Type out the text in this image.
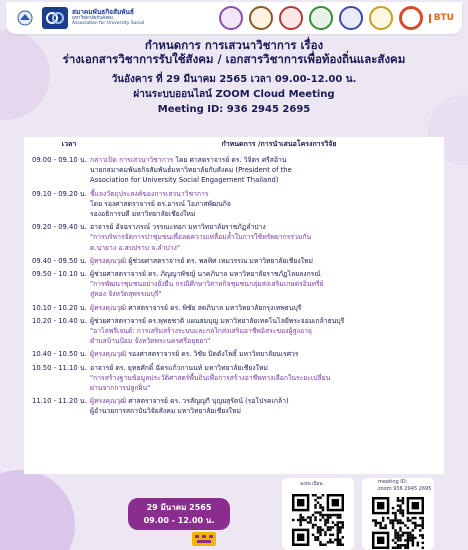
สมาคมพันธกิจสัมพันธ์
มหาวิทยาลัยกับสังคม
Association for University Social
BTU
กำหนดการ การเสวนาวิชาการ เรื่อง
ร่างเอกสารวิชาการรับใช้สังคม / เอกสารวิชาการเพื่อท้องถิ่นและสังคม
วันอังคาร ที่ 29 มีนาคม 2565 เวลา 09.00-12.00 น.
ผ่านระบบออนไลน์ ZOOM Cloud Meeting
Meeting ID: 936 2945 2695
เวลา	กำหนดการ /การนำเสนอโครงการวิจัย
09.00 - 09.10 น. กล่าวเปิด การเสวนาวิชาการ โดย ศาสตราจารย์ ดร. วิจิตร ศรีสอ้าน
นายกสมาคมพันธกิจสัมพันธ์มหาวิทยาลัยกับสังคม (President of the
Association for University Social Engagement Thailand)
09.10 - 09.20 น. ชี้แจงวัตถุประสงค์ของการเสวนาวิชาการ
โดย รองศาสตราจารย์ ดร.อารณ์ โอภาสพัฒนกิจ
รองอธิการบดี มหาวิทยาลัยเชียงใหม่
09.20 - 09.40 น. อาจารย์ อัจฉราภรณ์ วรรณะทอก มหาวิทยาลัยราชภัฏลำปาง
"การบริหารจัดการป่าชุมชนเพื่อลดความเหลื่อมล้ำในการใช้ทรัพยากรร่วมกัน
ต.นายาง อ.สบปราบ จ.ลำปาง"
09.40 - 09.50 น. ผู้ทรงคุณวุฒิ ผู้ช่วยศาสตราจารย์ ดร. พลทิศ เหมวรรณ มหาวิทยาลัยเชียงใหม่
09.50 - 10.10 น. ผู้ช่วยศาสตราจารย์ ดร. ภิญญาพัชญ์ นาคภิบาล มหาวิทยาลัยราชภัฏไลยลงกรณ์
"การพัฒนาชุมชนอย่างยั่งยืน กรณีศึกษาวิสาหกิจชุมชนกลุ่มส่งเสริมเกษตรอินทรีย์
สู่ทอง จังหวัดสุพรรณบุรี"
10.10 - 10.20 น. ผู้ทรงคุณวุฒิ ศาสตราจารย์ ดร. พิชัย สดภิบาล มหาวิทยาลัยกรุงเทพธนบุรี
10.20 - 10.40 น. ผู้ช่วยศาสตราจารย์ ดร.พุทธชาติ แผนสมบุญ มหาวิทยาลัยเทคโนโลยีพระจอมเกล้าธนบุรี
"อาโลพรีเจนต์: การเสริมสร้างระบบและกลไกส่งเสริมอาชีพอิสระของผู้สูงอายุ
ตำบลบ้านป้อม จังหวัดพระนครศรีอยุธยา"
10.40 - 10.50 น. ผู้ทรงคุณวุฒิ รองศาสตราจารย์ ดร. วิชัย ปิดตังโพธิ์ มหาวิทยาลัยนเรศวร
10.50 - 11.10 น. อาจารย์ ดร. ยุทธศักดิ์ ฉัตรแก้วกานนท์ มหาวิทยาลัยเชียงใหม่
"การสร้างฐานข้อมูลประวัติศาสตร์พื้นถิ่นเพื่อการสร้างอาชีพทางเลือกในระยะเปลี่ยน
ผ่านจากการปลูกฝิ่น"
11.10 - 11.20 น. ผู้ทรงคุณวุฒิ ศาสตราจารย์ ดร. วรสัญญกี บุญยสุรัตน์ (รอโปรดเกล้า)
ผู้อำนวยการสถาบันวิจัยสังคม มหาวิทยาลัยเชียงใหม่
29 มีนาคม 2565
09.00 - 12.00 น.
ลงทะเบียน	meeting ID:
zoom 936 2945 2695
